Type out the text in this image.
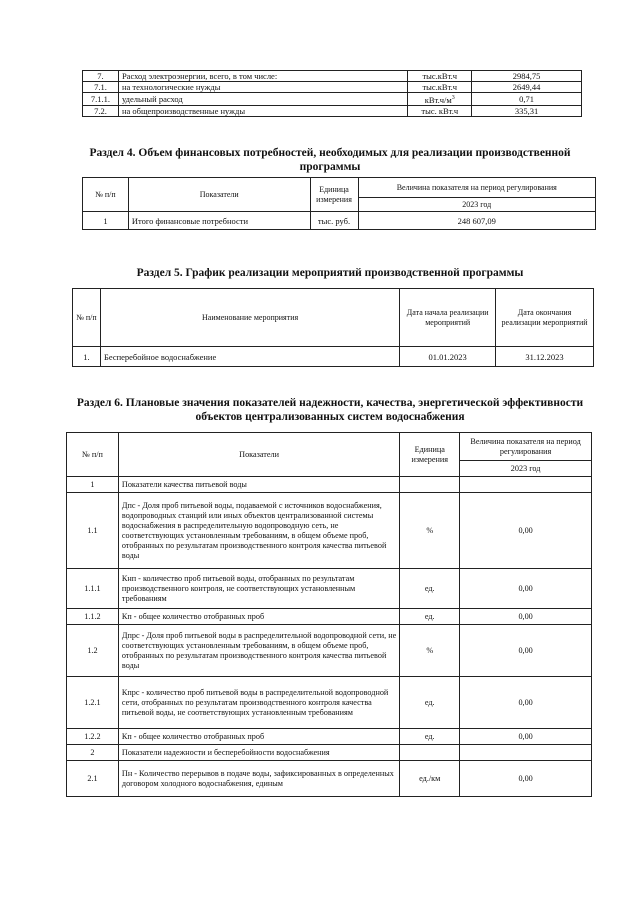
7.	Расход электроэнергии, всего, в том числе:	тыс.кВт.ч	2984,75
7.1.	на технологические нужды	тыс.кВт.ч	2649,44
7.1.1.	удельный расход	$кВт.ч/м^3$	0,71
7.2.	на общепроизводственные нужды	тыс. кВт.ч	335,31
Раздел 4. Объем финансовых потребностей, необходимых для реализации производственной программы
№ п/п	Показатели	Единица измерения	Величина показателя на период регулирования
			2023 год
1	Итого финансовые потребности	тыс. руб.	248 607,09
Раздел 5. График реализации мероприятий производственной программы
№ п/п	Наименование мероприятия	Дата начала реализации мероприятий	Дата окончания реализации мероприятий
1.	Бесперебойное водоснабжение	01.01.2023	31.12.2023
Раздел 6. Плановые значения показателей надежности, качества, энергетической эффективности объектов централизованных систем водоснабжения
№ п/п	Показатели	Единица измерения	Величина показателя на период регулирования
			2023 год
1	Показатели качества питьевой воды		
1.1	Дпс - Доля проб питьевой воды, подаваемой с источников водоснабжения, водопроводных станций или иных объектов централизованной системы водоснабжения в распределительную водопроводную сеть, не соответствующих установленным требованиям, в общем объеме проб, отобранных по результатам производственного контроля качества питьевой воды	%	0,00
1.1.1	Кнп - количество проб питьевой воды, отобранных по результатам производственного контроля, не соответствующих установленным требованиям	ед.	0,00
1.1.2	Кп - общее количество отобранных проб	ед.	0,00
1.2	Дпрс - Доля проб питьевой воды в распределительной водопроводной сети, не соответствующих установленным требованиям, в общем объеме проб, отобранных по результатам производственного контроля качества питьевой воды	%	0,00
1.2.1	Кпрс - количество проб питьевой воды в распределительной водопроводной сети, отобранных по результатам производственного контроля качества питьевой воды, не соответствующих установленным требованиям	ед.	0,00
1.2.2	Кп - общее количество отобранных проб	ед.	0,00
2	Показатели надежности и бесперебойности водоснабжения		
2.1	Пн - Количество перерывов в подаче воды, зафиксированных в определенных договором холодного водоснабжения, единым	ед./км	0,00
